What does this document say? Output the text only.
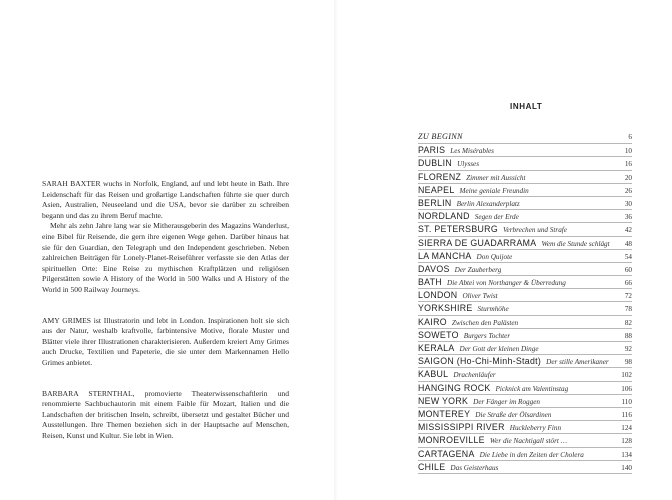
SARAH BAXTER wuchs in Norfolk, England, auf und lebt heute in Bath. Ihre Leidenschaft für das Reisen und großartige Landschaften führte sie quer durch Asien, Australien, Neuseeland und die USA, bevor sie darüber zu schreiben begann und das zu ihrem Beruf machte.

Mehr als zehn Jahre lang war sie Mitherausgeberin des Magazins Wanderlust, eine Bibel für Reisende, die gern ihre eigenen Wege gehen. Darüber hinaus hat sie für den Guardian, den Telegraph und den Independent geschrieben. Neben zahlreichen Beiträgen für Lonely-Planet-Reiseführer verfasste sie den Atlas der spirituellen Orte: Eine Reise zu mythischen Kraftplätzen und religiösen Pilgerstätten sowie A History of the World in 500 Walks und A History of the World in 500 Railway Journeys.

AMY GRIMES ist Illustratorin und lebt in London. Inspirationen holt sie sich aus der Natur, weshalb kraftvolle, farbintensive Motive, florale Muster und Blätter viele ihrer Illustrationen charakterisieren. Außerdem kreiert Amy Grimes auch Drucke, Textilien und Papeterie, die sie unter dem Markennamen Hello Grimes anbietet.

BARBARA STERNTHAL, promovierte Theaterwissenschaftlerin und renommierte Sachbuchautorin mit einem Faible für Mozart, Italien und die Landschaften der britischen Inseln, schreibt, übersetzt und gestaltet Bücher und Ausstellungen. Ihre Themen beziehen sich in der Hauptsache auf Menschen, Reisen, Kunst und Kultur. Sie lebt in Wien.

INHALT
ZU BEGINN	6
PARIS Les Misérables	10
DUBLIN Ulysses	16
FLORENZ Zimmer mit Aussicht	20
NEAPEL Meine geniale Freundin	26
BERLIN Berlin Alexanderplatz	30
NORDLAND Segen der Erde	36
ST. PETERSBURG Verbrechen und Strafe	42
SIERRA DE GUADARRAMA Wem die Stunde schlägt	48
LA MANCHA Don Quijote	54
DAVOS Der Zauberberg	60
BATH Die Abtei von Northanger & Überredung	66
LONDON Oliver Twist	72
YORKSHIRE Sturmhöhe	78
KAIRO Zwischen den Palästen	82
SOWETO Burgers Tochter	88
KERALA Der Gott der kleinen Dinge	92
SAIGON (Ho-Chi-Minh-Stadt) Der stille Amerikaner	98
KABUL Drachenläufer	102
HANGING ROCK Picknick am Valentinstag	106
NEW YORK Der Fänger im Roggen	110
MONTEREY Die Straße der Ölsardinen	116
MISSISSIPPI RIVER Huckleberry Finn	124
MONROEVILLE Wer die Nachtigall stört …	128
CARTAGENA Die Liebe in den Zeiten der Cholera	134
CHILE Das Geisterhaus	140
